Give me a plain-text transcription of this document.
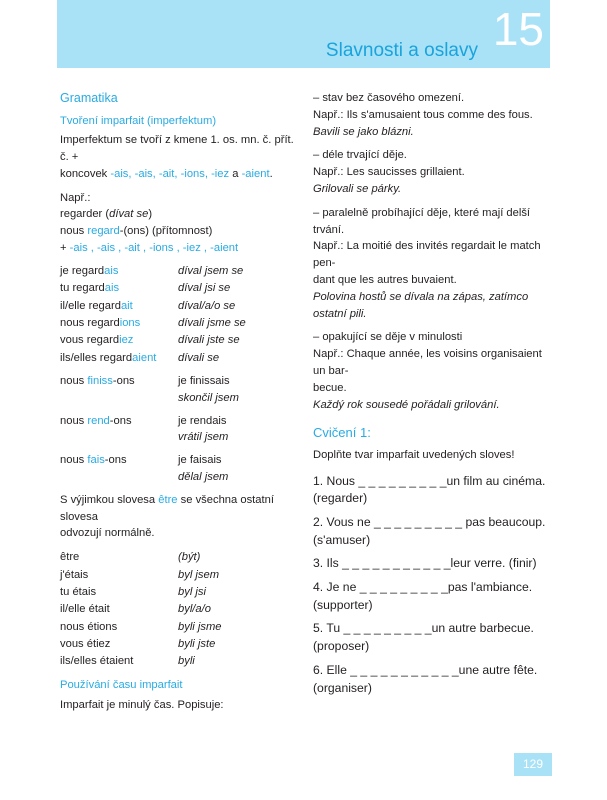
Slavnosti a oslavy 15
Gramatika
Tvoření imparfait (imperfektum)

Imperfektum se tvoří z kmene 1. os. mn. č. přít. č. +
koncovek -ais, -ais, -ait, -ions, -iez a -aient.

Např.:
regarder (dívat se)
nous regard-(ons) (přítomnost)
+ -ais , -ais , -ait , -ions , -iez , -aient
je regardais	díval jsem se
tu regardais	díval jsi se
il/elle regardait	díval/a/o se
nous regardions	dívali jsme se
vous regardiez	dívali jste se
ils/elles regardaient	dívali se
nous finiss-ons	je finissais
skončil jsem
nous rend-ons	je rendais
vrátil jsem
nous fais-ons	je faisais
dělal jsem

S výjimkou slovesa être se všechna ostatní slovesa
odvozují normálně.

être	(být)
j'étais	byl jsem
tu étais	byl jsi
il/elle était	byl/a/o
nous étions	byli jsme
vous étiez	byli jste
ils/elles étaient	byli
Používání času imparfait
Imparfait je minulý čas. Popisuje:
– stav bez časového omezení.
Např.: Ils s'amusaient tous comme des fous.
Bavili se jako blázni.
– déle trvající děje.
Např.: Les saucisses grillaient.
Grilovali se párky.
– paralelně probíhající děje, které mají delší trvání.
Např.: La moitié des invités regardait le match pen-
dant que les autres buvaient.
Polovina hostů se dívala na zápas, zatímco ostatní pili.
– opakující se děje v minulosti
Např.: Chaque année, les voisins organisaient un bar-
becue.
Každý rok sousedé pořádali grilování.
Cvičení 1:

Doplňte tvar imparfait uvedených sloves!

1. Nous _ _ _ _ _ _ _ _ _un film au cinéma.
(regarder)
2. Vous ne _ _ _ _ _ _ _ _ _ pas beaucoup.
(s'amuser)
3. Ils _ _ _ _ _ _ _ _ _ _ _leur verre. (finir)
4. Je ne _ _ _ _ _ _ _ _ _pas l'ambiance.
(supporter)
5. Tu _ _ _ _ _ _ _ _ _un autre barbecue.
(proposer)
6. Elle _ _ _ _ _ _ _ _ _ _ _une autre fête.
(organiser)
129
